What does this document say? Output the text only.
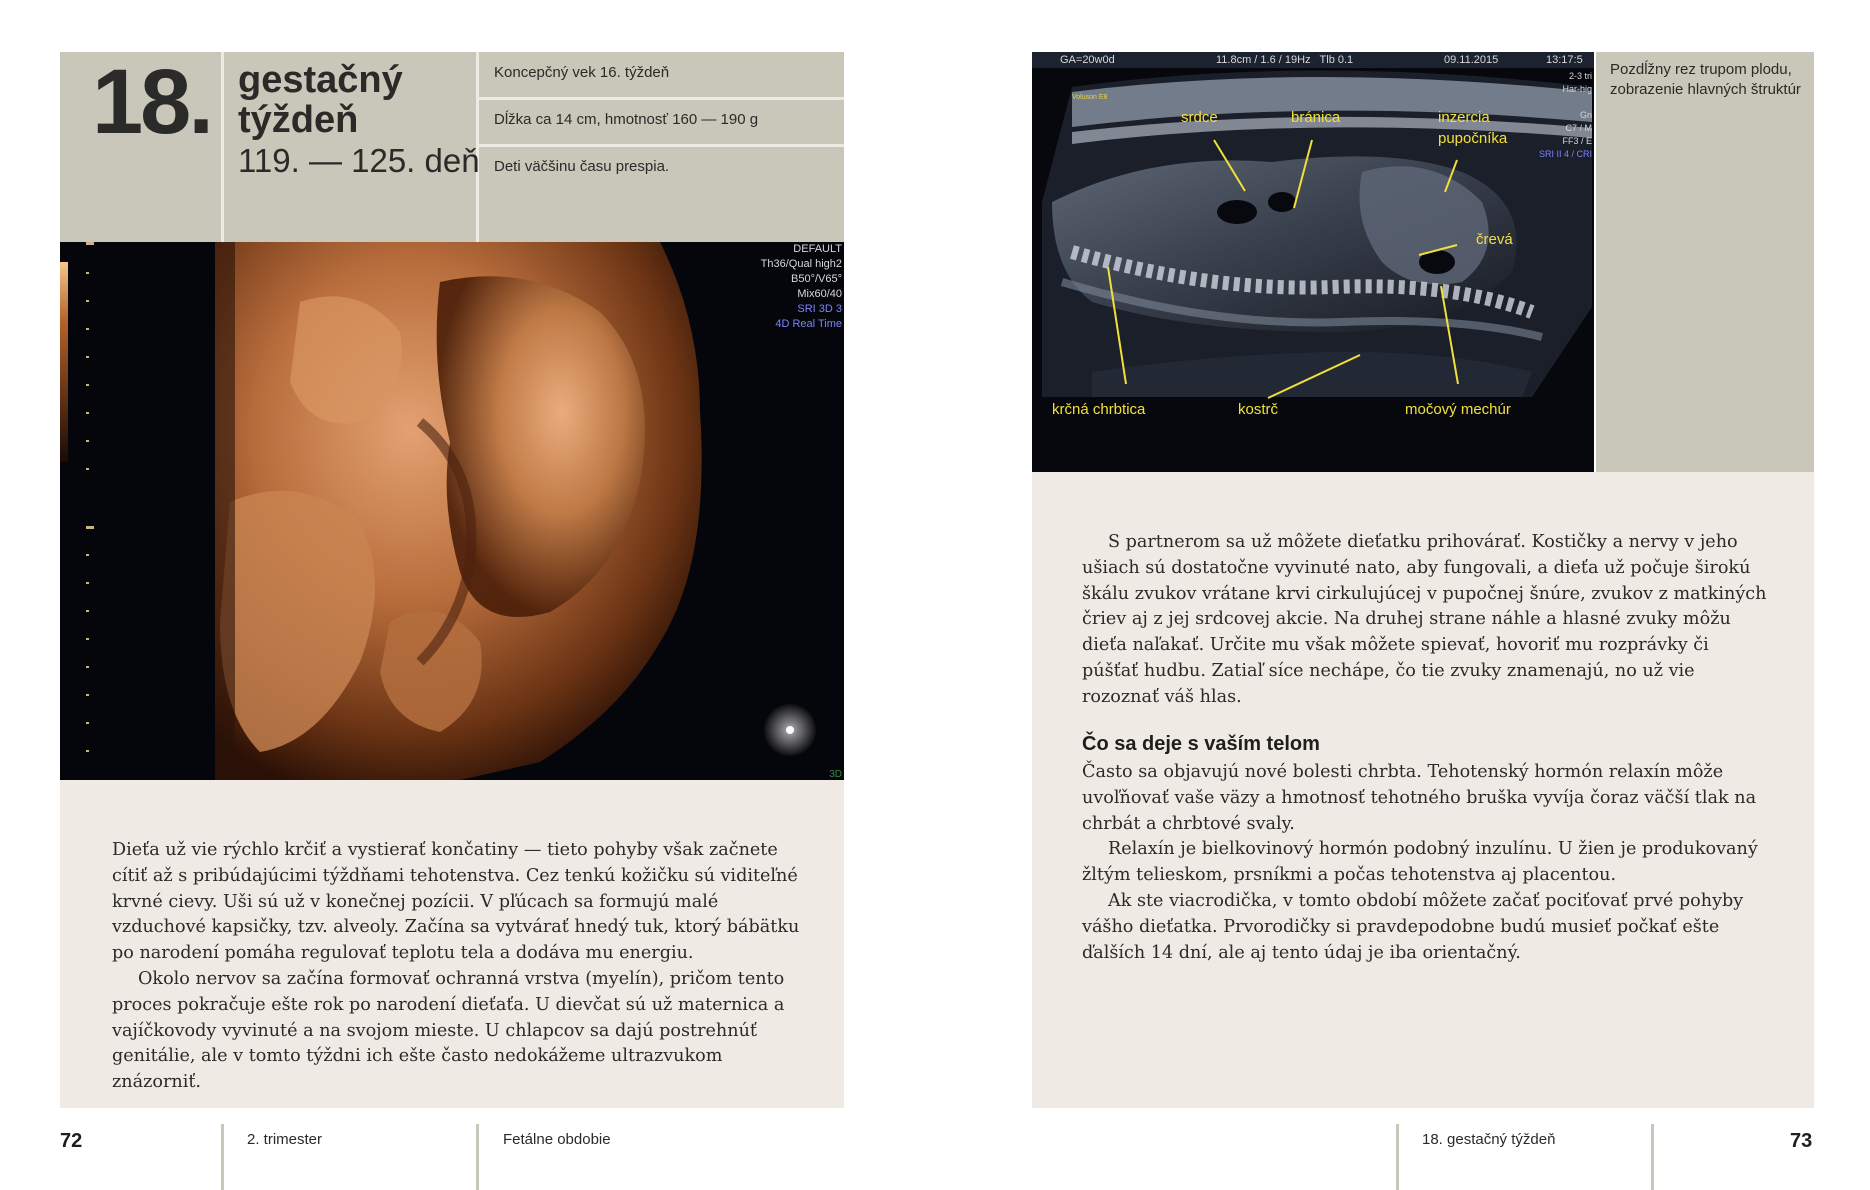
18. gestačný
týždeň
119. — 125. deň
Koncepčný vek 16. týždeň
Dĺžka ca 14 cm, hmotnosť 160 — 190 g
Deti väčšinu času prespia.
DEFAULT
Th36/Qual high2
B50°/V65°
Mix60/40
SRI 3D 3
4D Real Time
3D

Dieťa už vie rýchlo krčiť a vystierať končatiny — tieto pohyby však začnete cítiť až s pribúdajúcimi týždňami tehotenstva. Cez tenkú kožičku sú viditeľné krvné cievy. Uši sú už v konečnej pozícii. V pľúcach sa formujú malé vzduchové kapsičky, tzv. alveoly. Začína sa vytvárať hnedý tuk, ktorý bábätku po narodení pomáha regulovať teplotu tela a dodáva mu energiu.

Okolo nervov sa začína formovať ochranná vrstva (myelín), pričom tento proces pokračuje ešte rok po narodení dieťaťa. U dievčat sú už maternica a vajíčkovody vyvinuté a na svojom mieste. U chlapcov sa dajú postrehnúť genitálie, ale v tomto týždni ich ešte často nedokážeme ultrazvukom znázorniť.

srdce	bránica	inzercia
pupočníka
črevá
krčná chrbtica	kostrč	močový mechúr
GA=20w0d	11.8cm / 1.6 / 19Hz   Tlb 0.1	09.11.2015	13:17:5
Voluson E8
2-3 tri
Har-hig
Gn
C7 / M
FF3 / E
SRI II 4 / CRI
Pozdĺžny rez trupom plodu, zobrazenie hlavných štruktúr

S partnerom sa už môžete dieťatku prihovárať. Kostičky a nervy v jeho ušiach sú dostatočne vyvinuté nato, aby fungovali, a dieťa už počuje širokú škálu zvukov vrátane krvi cirkulujúcej v pupočnej šnúre, zvukov z matkiných čriev aj z jej srdcovej akcie. Na druhej strane náhle a hlasné zvuky môžu dieťa naľakať. Určite mu však môžete spievať, hovoriť mu rozprávky či púšťať hudbu. Zatiaľ síce nechápe, čo tie zvuky znamenajú, no už vie rozoznať váš hlas.

Čo sa deje s vaším telom

Často sa objavujú nové bolesti chrbta. Tehotenský hormón relaxín môže uvoľňovať vaše väzy a hmotnosť tehotného bruška vyvíja čoraz väčší tlak na chrbát a chrbtové svaly.

Relaxín je bielkovinový hormón podobný inzulínu. U žien je produkovaný žltým telieskom, prsníkmi a počas tehotenstva aj placentou.

Ak ste viacrodička, v tomto období môžete začať pociťovať prvé pohyby vášho dieťatka. Prvorodičky si pravdepodobne budú musieť počkať ešte ďalších 14 dní, ale aj tento údaj je iba orientačný.

72	2. trimester	Fetálne obdobie	18. gestačný týždeň	73
